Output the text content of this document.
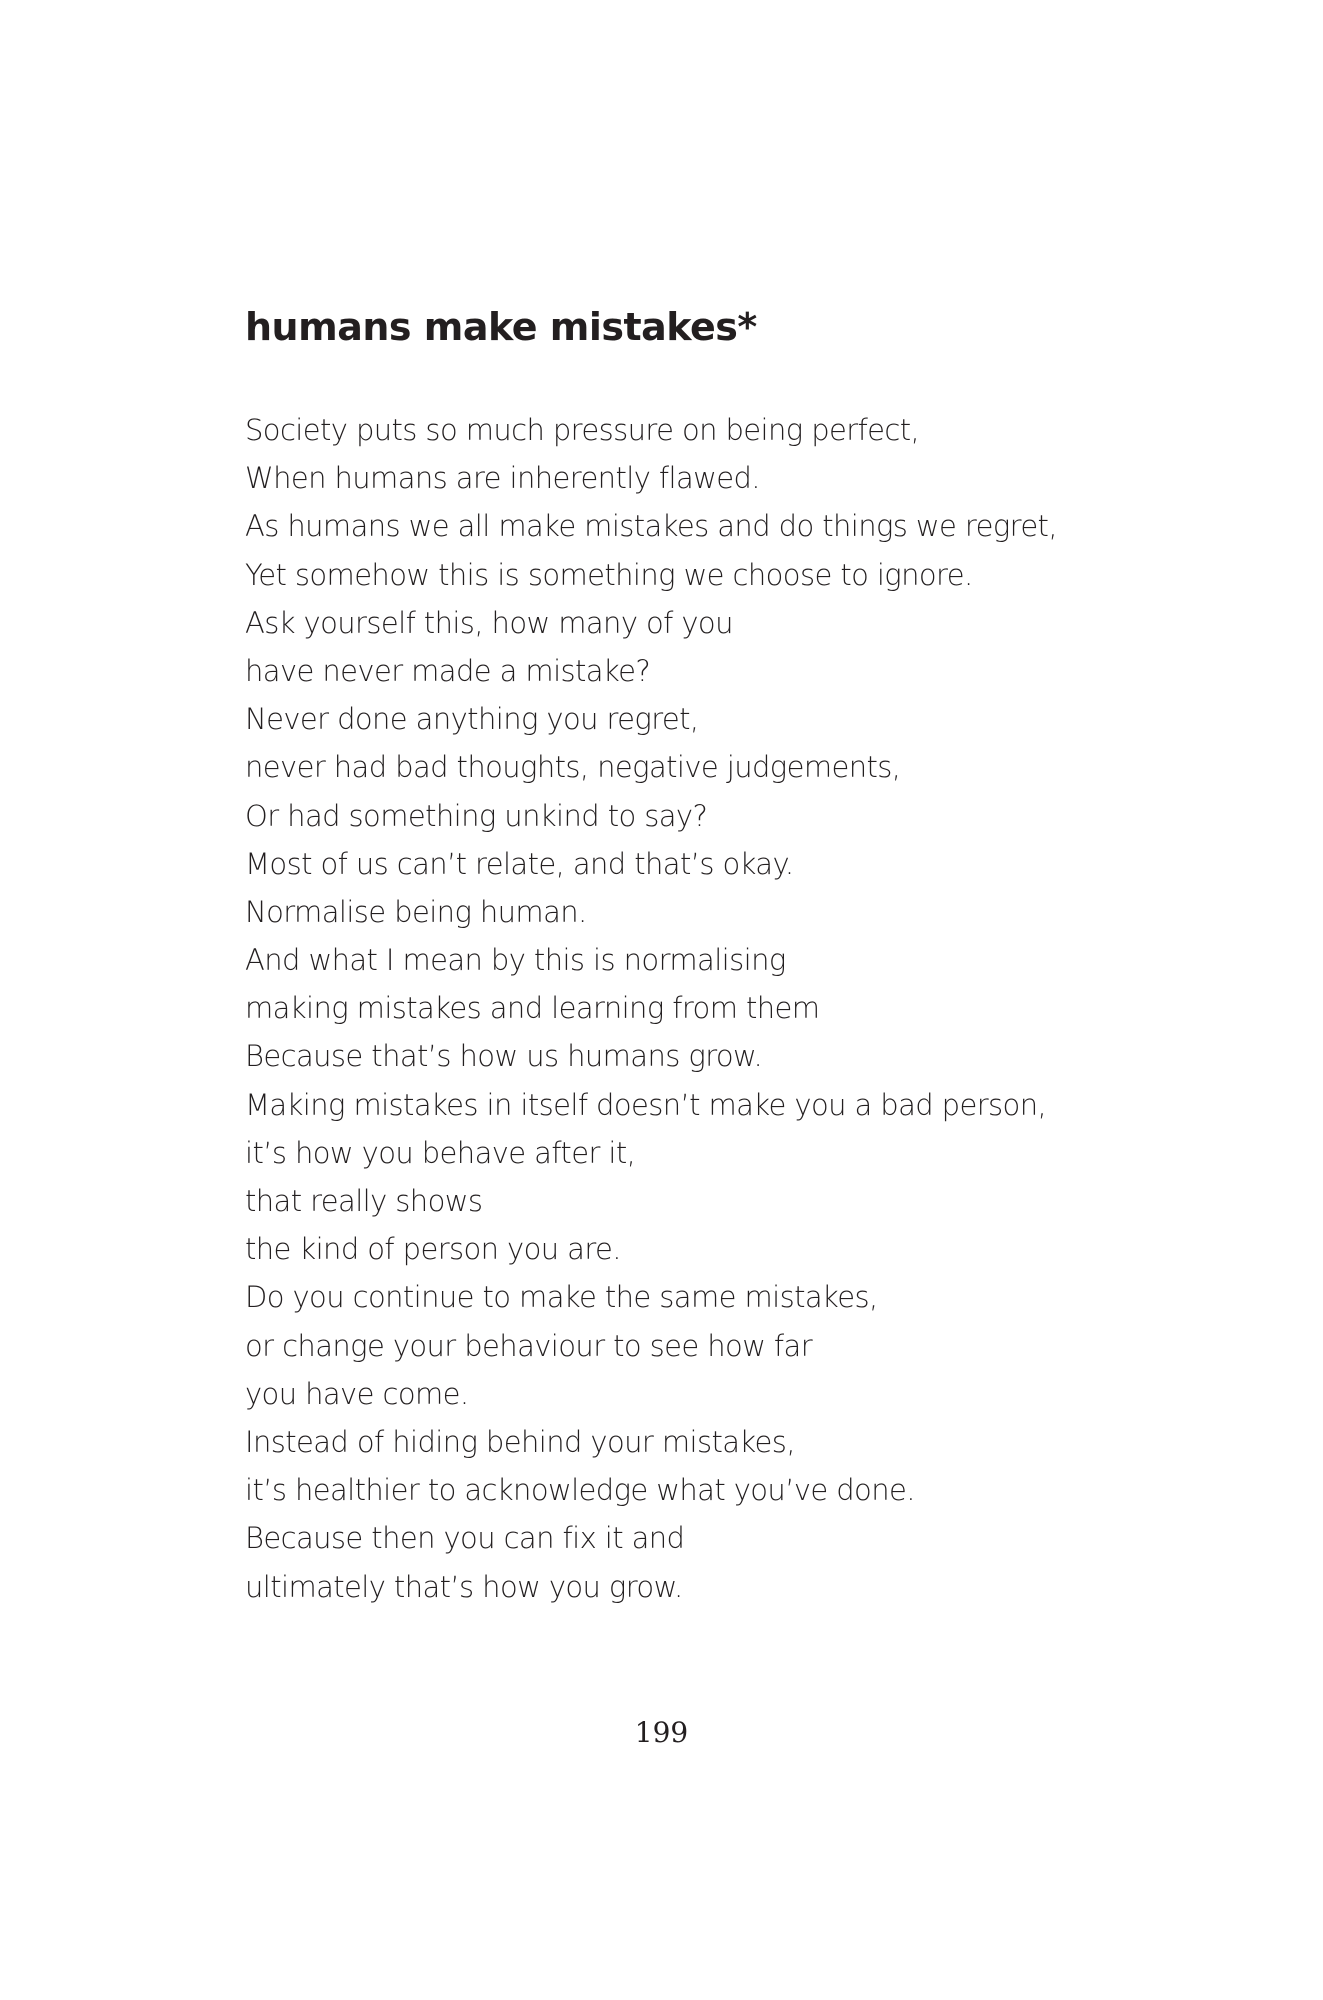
humans make mistakes*
Society puts so much pressure on being perfect,
When humans are inherently flawed.
As humans we all make mistakes and do things we regret,
Yet somehow this is something we choose to ignore.
Ask yourself this, how many of you
have never made a mistake?
Never done anything you regret,
never had bad thoughts, negative judgements,
Or had something unkind to say?
Most of us can’t relate, and that’s okay.
Normalise being human.
And what I mean by this is normalising
making mistakes and learning from them
Because that’s how us humans grow.
Making mistakes in itself doesn’t make you a bad person,
it’s how you behave after it,
that really shows
the kind of person you are.
Do you continue to make the same mistakes,
or change your behaviour to see how far
you have come.
Instead of hiding behind your mistakes,
it’s healthier to acknowledge what you’ve done.
Because then you can fix it and
ultimately that’s how you grow.

199
